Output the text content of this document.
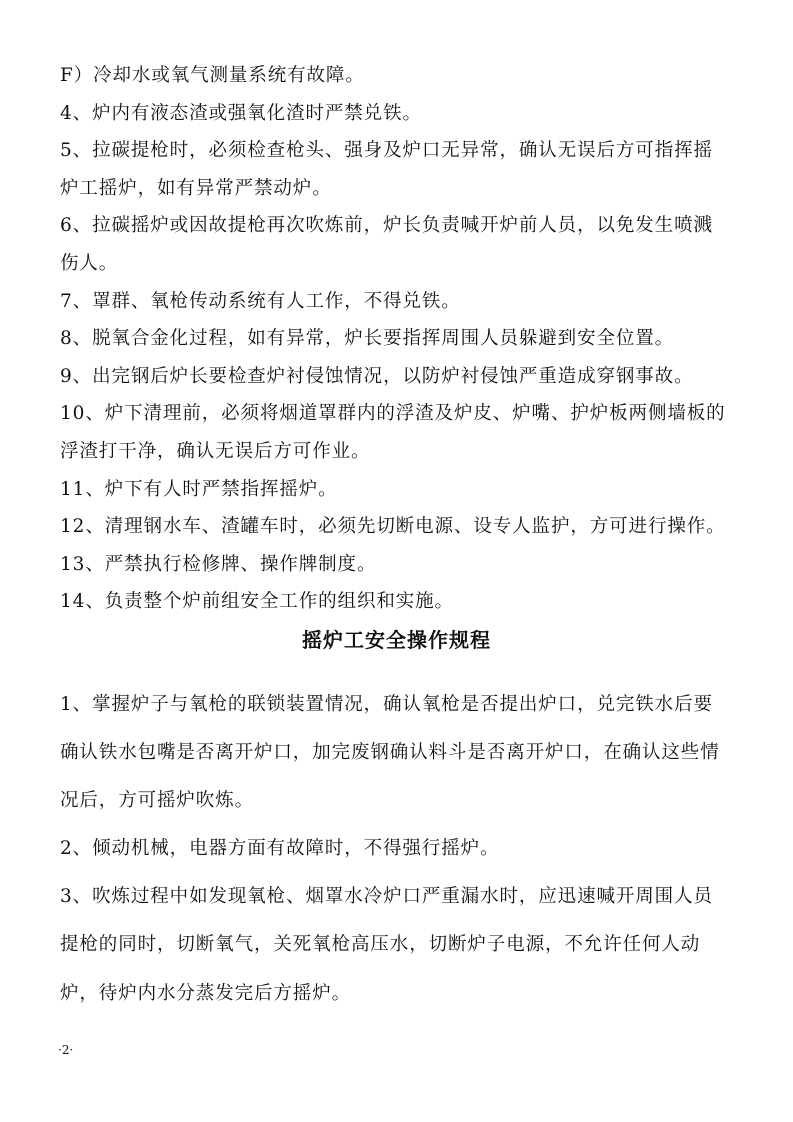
F）冷却水或氧气测量系统有故障。
4、炉内有液态渣或强氧化渣时严禁兑铁。
5、拉碳提枪时，必须检查枪头、强身及炉口无异常，确认无误后方可指挥摇
炉工摇炉，如有异常严禁动炉。
6、拉碳摇炉或因故提枪再次吹炼前，炉长负责喊开炉前人员，以免发生喷溅
伤人。
7、罩群、氧枪传动系统有人工作，不得兑铁。
8、脱氧合金化过程，如有异常，炉长要指挥周围人员躲避到安全位置。
9、出完钢后炉长要检查炉衬侵蚀情况，以防炉衬侵蚀严重造成穿钢事故。
10、炉下清理前，必须将烟道罩群内的浮渣及炉皮、炉嘴、护炉板两侧墙板的
浮渣打干净，确认无误后方可作业。
11、炉下有人时严禁指挥摇炉。
12、清理钢水车、渣罐车时，必须先切断电源、设专人监护，方可进行操作。
13、严禁执行检修牌、操作牌制度。
14、负责整个炉前组安全工作的组织和实施。
摇炉工安全操作规程
1、掌握炉子与氧枪的联锁装置情况，确认氧枪是否提出炉口，兑完铁水后要
确认铁水包嘴是否离开炉口，加完废钢确认料斗是否离开炉口，在确认这些情
况后，方可摇炉吹炼。
2、倾动机械，电器方面有故障时，不得强行摇炉。
3、吹炼过程中如发现氧枪、烟罩水冷炉口严重漏水时，应迅速喊开周围人员
提枪的同时，切断氧气，关死氧枪高压水，切断炉子电源，不允许任何人动
炉，待炉内水分蒸发完后方摇炉。
·2·
